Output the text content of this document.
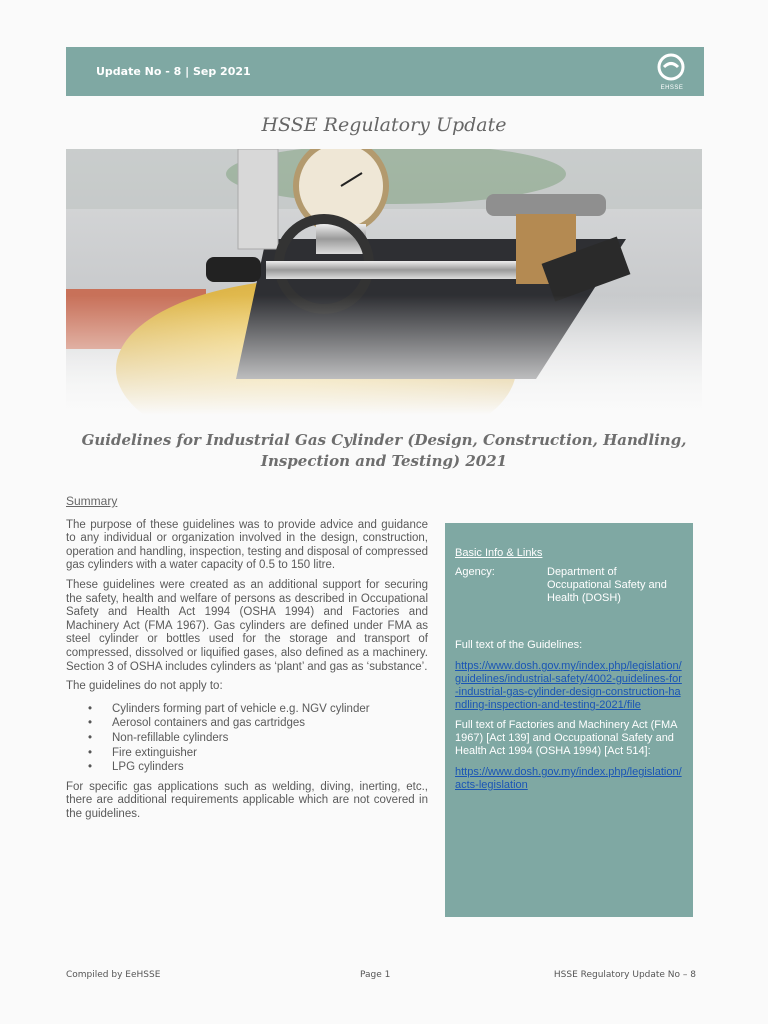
Update No - 8 | Sep 2021
EHSSE
HSSE Regulatory Update
Guidelines for Industrial Gas Cylinder (Design, Construction, Handling,
Inspection and Testing) 2021
Summary

The purpose of these guidelines was to provide advice and guidance to any individual or organization involved in the design, construction, operation and handling, inspection, testing and disposal of compressed gas cylinders with a water capacity of 0.5 to 150 litre.

These guidelines were created as an additional support for securing the safety, health and welfare of persons as described in Occupational Safety and Health Act 1994 (OSHA 1994) and Factories and Machinery Act (FMA 1967). Gas cylinders are defined under FMA as steel cylinder or bottles used for the storage and transport of compressed, dissolved or liquified gases, also defined as a machinery. Section 3 of OSHA includes cylinders as ‘plant’ and gas as ‘substance’.

The guidelines do not apply to:

• Cylinders forming part of vehicle e.g. NGV cylinder
• Aerosol containers and gas cartridges
• Non-refillable cylinders
• Fire extinguisher
• LPG cylinders

For specific gas applications such as welding, diving, inerting, etc., there are additional requirements applicable which are not covered in the guidelines.

Basic Info & Links
Agency:	Department of Occupational Safety and Health (DOSH)
Full text of the Guidelines:
https://www.dosh.gov.my/index.php/legislation/guidelines/industrial-safety/4002-guidelines-for-industrial-gas-cylinder-design-construction-handling-inspection-and-testing-2021/file
Full text of Factories and Machinery Act (FMA 1967) [Act 139] and Occupational Safety and Health Act 1994 (OSHA 1994) [Act 514]:
https://www.dosh.gov.my/index.php/legislation/acts-legislation
Compiled by EeHSSE	Page 1	HSSE Regulatory Update No – 8
